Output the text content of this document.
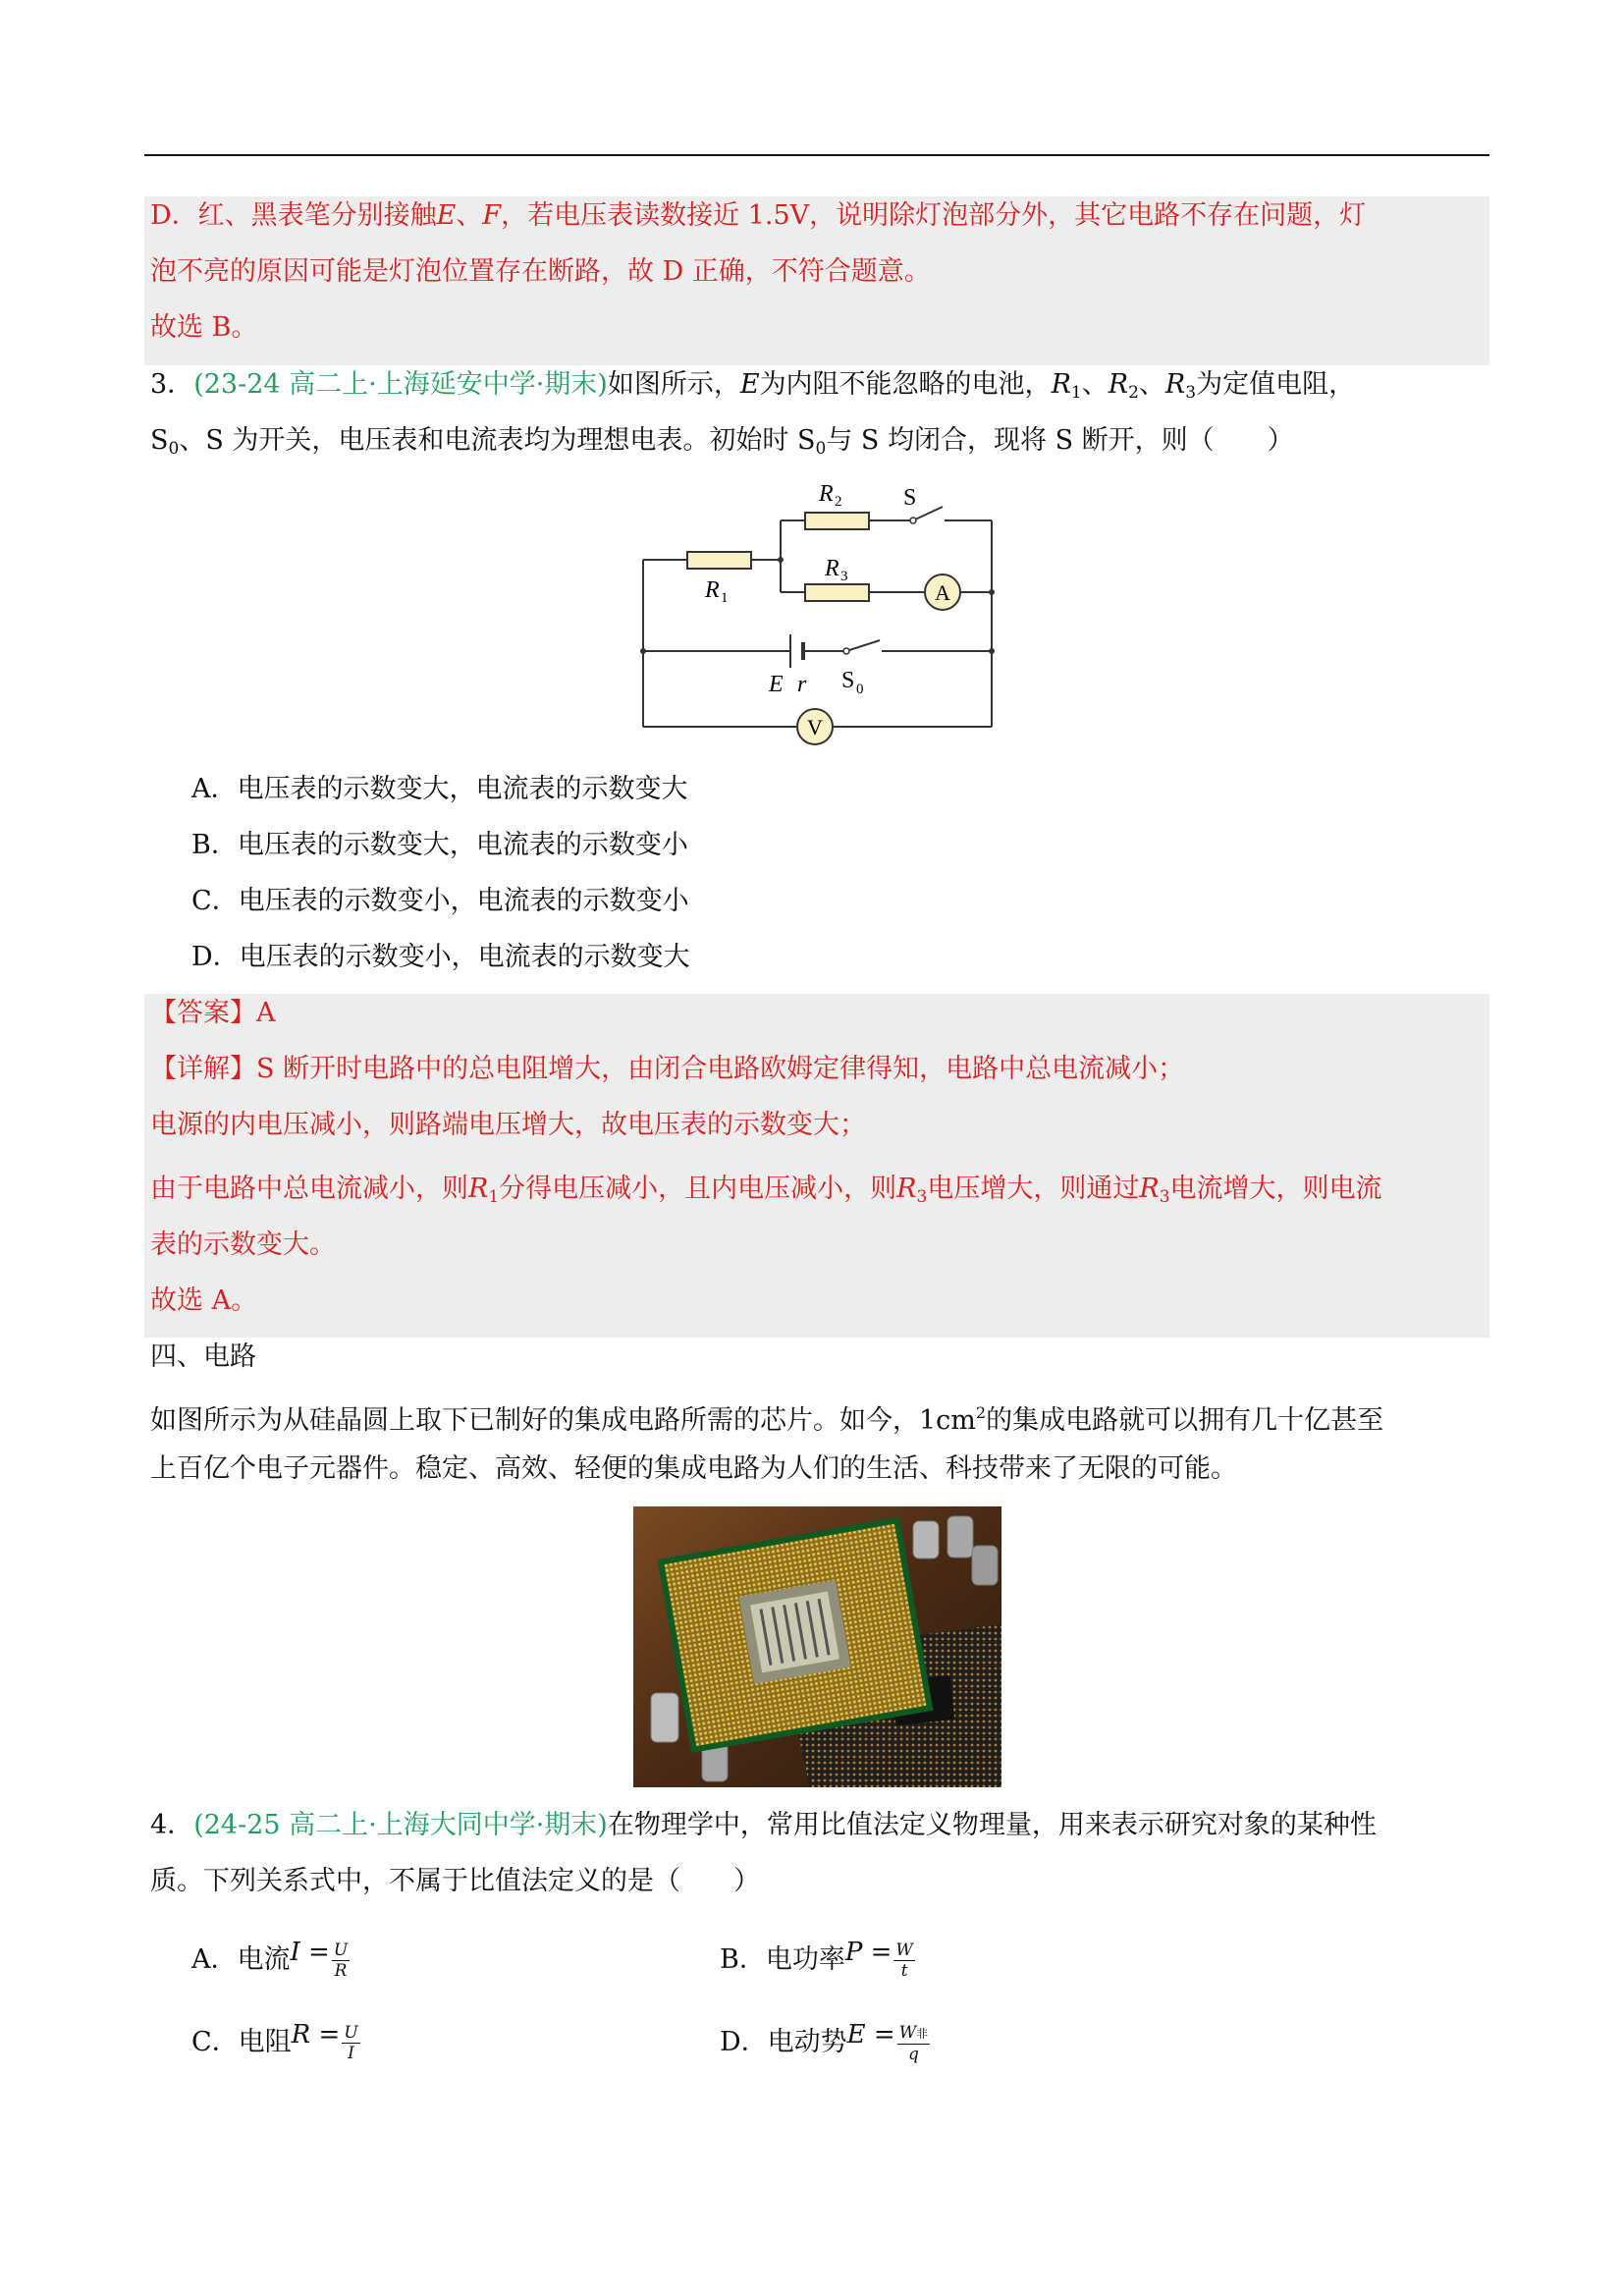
D．红、黑表笔分别接触E、F，若电压表读数接近 1.5V，说明除灯泡部分外，其它电路不存在问题，灯
泡不亮的原因可能是灯泡位置存在断路，故 D 正确，不符合题意。
故选 B。
3．(23-24 高二上·上海延安中学·期末)如图所示，E为内阻不能忽略的电池，$R_1$、$R_2$、$R_3$为定值电阻，
$S_0$、S 为开关，电压表和电流表均为理想电表。初始时 $S_0$与 S 均闭合，现将 S 断开，则（　　）
A
V
R 1
R 2
R 3
S
E r S 0
A．电压表的示数变大，电流表的示数变大
B．电压表的示数变大，电流表的示数变小
C．电压表的示数变小，电流表的示数变小
D．电压表的示数变小，电流表的示数变大
【答案】A
【详解】S 断开时电路中的总电阻增大，由闭合电路欧姆定律得知，电路中总电流减小；
电源的内电压减小，则路端电压增大，故电压表的示数变大；
由于电路中总电流减小，则$R_1$分得电压减小，且内电压减小，则$R_3$电压增大，则通过$R_3$电流增大，则电流
表的示数变大。
故选 A。
四、电路
如图所示为从硅晶圆上取下已制好的集成电路所需的芯片。如今，$1cm^2$的集成电路就可以拥有几十亿甚至
上百亿个电子元器件。稳定、高效、轻便的集成电路为人们的生活、科技带来了无限的可能。
4．(24-25 高二上·上海大同中学·期末)在物理学中，常用比值法定义物理量，用来表示研究对象的某种性
质。下列关系式中，不属于比值法定义的是（　　）
A．电流$I = \frac{U}{R}$	B．电功率$P = \frac{W}{t}$
C．电阻$R = \frac{U}{I}$	D．电动势$E = \frac{\text{W非}}{q}$
